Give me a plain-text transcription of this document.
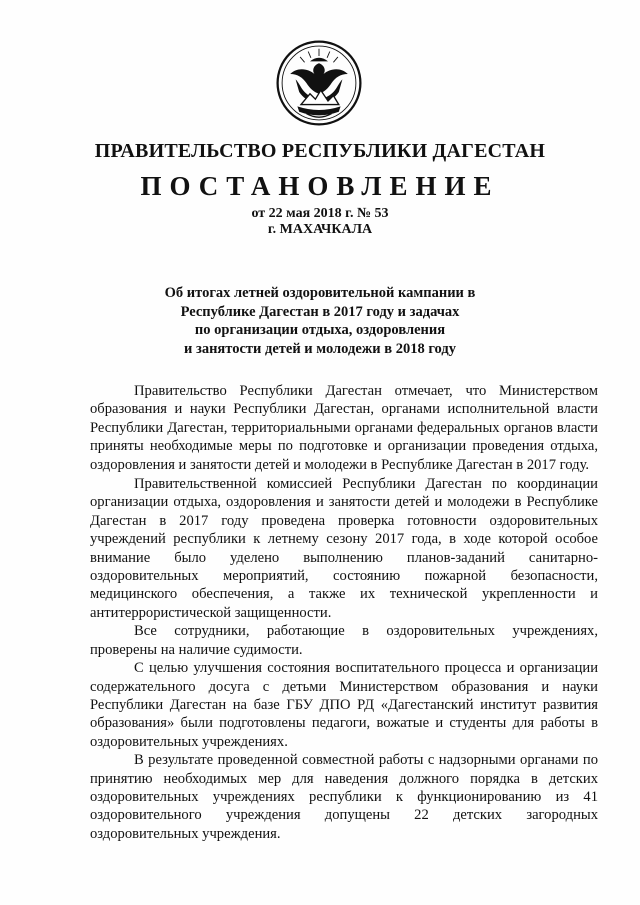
ПРАВИТЕЛЬСТВО РЕСПУБЛИКИ ДАГЕСТАН
ПОСТАНОВЛЕНИЕ
от 22 мая 2018 г. № 53
г. МАХАЧКАЛА
Об итогах летней оздоровительной кампании в
Республике Дагестан в 2017 году и задачах
по организации отдыха, оздоровления
и занятости детей и молодежи в 2018 году

Правительство Республики Дагестан отмечает, что Министерством образования и науки Республики Дагестан, органами исполнительной власти Республики Дагестан, территориальными органами федеральных органов власти приняты необходимые меры по подготовке и организации проведения отдыха, оздоровления и занятости детей и молодежи в Республике Дагестан в 2017 году.

Правительственной комиссией Республики Дагестан по координации организации отдыха, оздоровления и занятости детей и молодежи в Республике Дагестан в 2017 году проведена проверка готовности оздоровительных учреждений республики к летнему сезону 2017 года, в ходе которой особое внимание было уделено выполнению планов-заданий санитарно-оздоровительных мероприятий, состоянию пожарной безопасности, медицинского обеспечения, а также их технической укрепленности и антитеррористической защищенности.

Все сотрудники, работающие в оздоровительных учреждениях, проверены на наличие судимости.

С целью улучшения состояния воспитательного процесса и организации содержательного досуга с детьми Министерством образования и науки Республики Дагестан на базе ГБУ ДПО РД «Дагестанский институт развития образования» были подготовлены педагоги, вожатые и студенты для работы в оздоровительных учреждениях.

В результате проведенной совместной работы с надзорными органами по принятию необходимых мер для наведения должного порядка в детских оздоровительных учреждениях республики к функционированию из 41 оздоровительного учреждения допущены 22 детских загородных оздоровительных учреждения.
